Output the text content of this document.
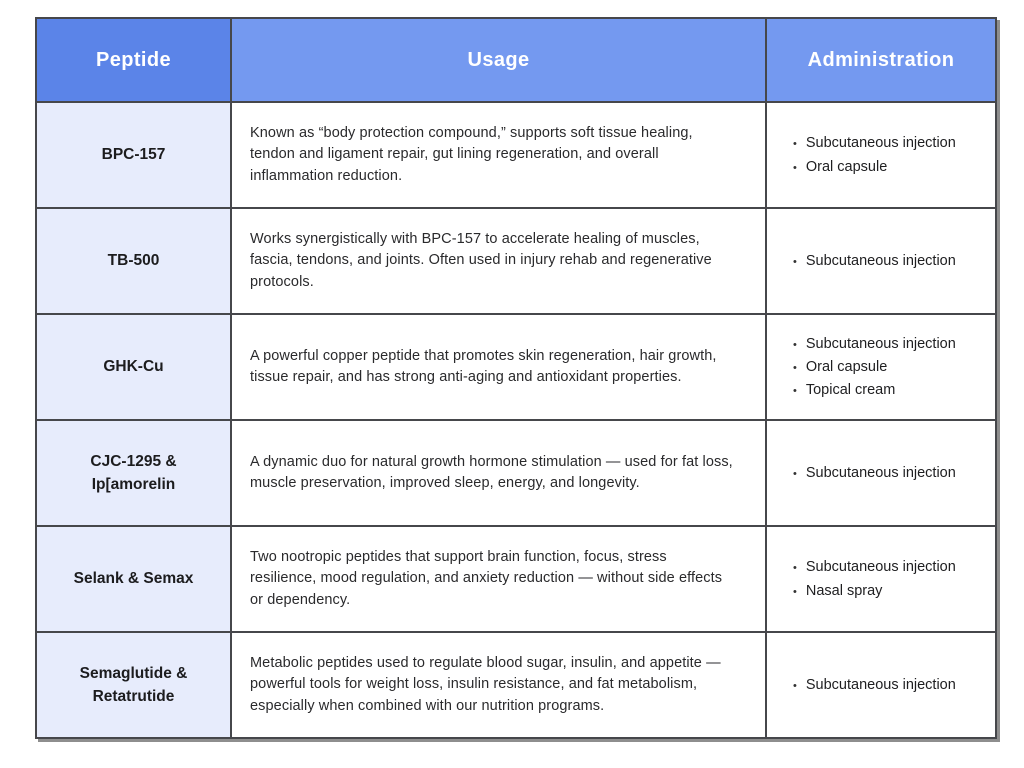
Peptide	Usage	Administration
BPC-157	Known as “body protection compound,” supports soft tissue healing, tendon and ligament repair, gut lining regeneration, and overall inflammation reduction.	
• Subcutaneous injection
• Oral capsule

TB-500	Works synergistically with BPC-157 to accelerate healing of muscles, fascia, tendons, and joints. Often used in injury rehab and regenerative protocols.	
• Subcutaneous injection

GHK-Cu	A powerful copper peptide that promotes skin regeneration, hair growth, tissue repair, and has strong anti-aging and antioxidant properties.	
• Subcutaneous injection
• Oral capsule
• Topical cream

CJC-1295 & Ip[amorelin	A dynamic duo for natural growth hormone stimulation — used for fat loss, muscle preservation, improved sleep, energy, and longevity.	
• Subcutaneous injection

Selank & Semax	Two nootropic peptides that support brain function, focus, stress resilience, mood regulation, and anxiety reduction — without side effects or dependency.	
• Subcutaneous injection
• Nasal spray

Semaglutide & Retatrutide	Metabolic peptides used to regulate blood sugar, insulin, and appetite — powerful tools for weight loss, insulin resistance, and fat metabolism, especially when combined with our nutrition programs.	
• Subcutaneous injection
